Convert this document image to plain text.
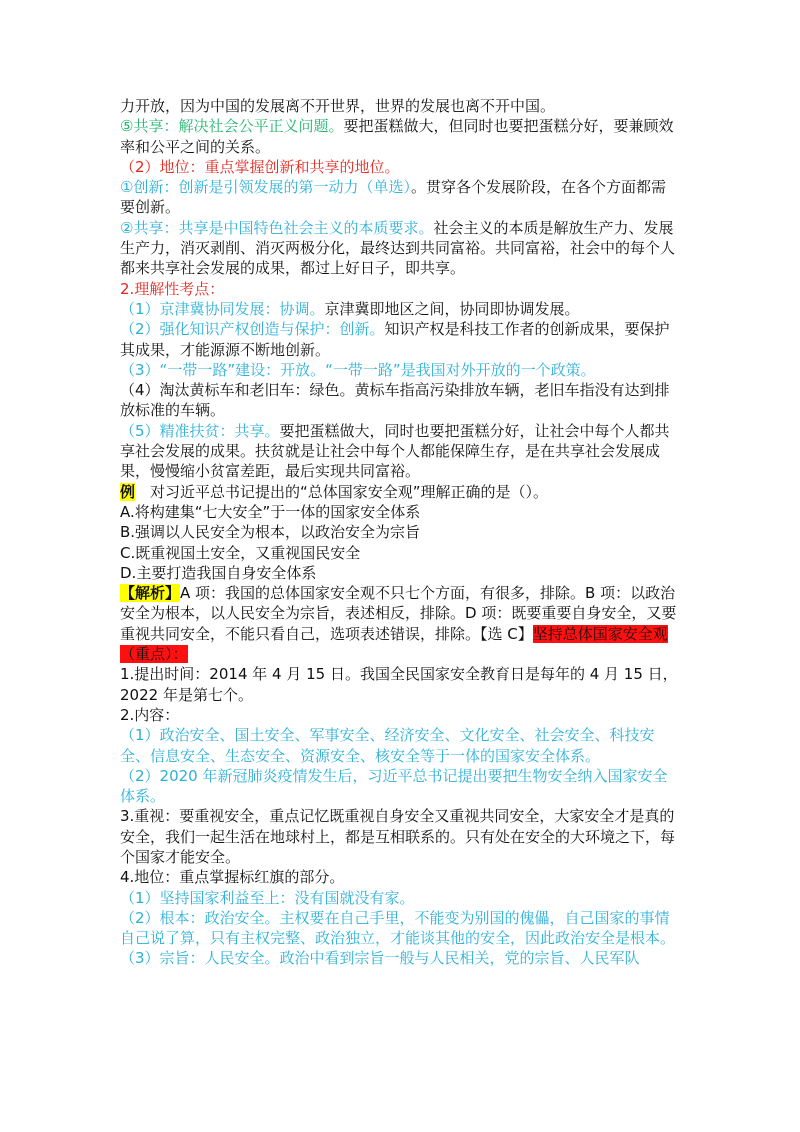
力开放，因为中国的发展离不开世界，世界的发展也离不开中国。

⑤共享：解决社会公平正义问题。要把蛋糕做大，但同时也要把蛋糕分好，要兼顾效率和公平之间的关系。

（2）地位：重点掌握创新和共享的地位。

①创新：创新是引领发展的第一动力（单选）。贯穿各个发展阶段，在各个方面都需要创新。

②共享：共享是中国特色社会主义的本质要求。社会主义的本质是解放生产力、发展生产力，消灭剥削、消灭两极分化，最终达到共同富裕。共同富裕，社会中的每个人都来共享社会发展的成果，都过上好日子，即共享。

2.理解性考点：

（1）京津冀协同发展：协调。京津冀即地区之间，协同即协调发展。

（2）强化知识产权创造与保护：创新。知识产权是科技工作者的创新成果，要保护其成果，才能源源不断地创新。

（3）“一带一路”建设：开放。“一带一路”是我国对外开放的一个政策。

（4）淘汰黄标车和老旧车：绿色。黄标车指高污染排放车辆，老旧车指没有达到排放标准的车辆。

（5）精准扶贫：共享。要把蛋糕做大，同时也要把蛋糕分好，让社会中每个人都共享社会发展的成果。扶贫就是让社会中每个人都能保障生存，是在共享社会发展成果，慢慢缩小贫富差距，最后实现共同富裕。

例　对习近平总书记提出的“总体国家安全观”理解正确的是（）。

A.将构建集“七大安全”于一体的国家安全体系

B.强调以人民安全为根本，以政治安全为宗旨

C.既重视国土安全，又重视国民安全

D.主要打造我国自身安全体系

【解析】A 项：我国的总体国家安全观不只七个方面，有很多，排除。B 项：以政治安全为根本，以人民安全为宗旨，表述相反，排除。D 项：既要重要自身安全，又要重视共同安全，不能只看自己，选项表述错误，排除。【选 C】坚持总体国家安全观（重点）：

1.提出时间：2014 年 4 月 15 日。我国全民国家安全教育日是每年的 4 月 15 日，2022 年是第七个。

2.内容：

（1）政治安全、国土安全、军事安全、经济安全、文化安全、社会安全、科技安全、信息安全、生态安全、资源安全、核安全等于一体的国家安全体系。

（2）2020 年新冠肺炎疫情发生后，习近平总书记提出要把生物安全纳入国家安全体系。

3.重视：要重视安全，重点记忆既重视自身安全又重视共同安全，大家安全才是真的安全，我们一起生活在地球村上，都是互相联系的。只有处在安全的大环境之下，每个国家才能安全。

4.地位：重点掌握标红旗的部分。

（1）坚持国家利益至上：没有国就没有家。

（2）根本：政治安全。主权要在自己手里，不能变为别国的傀儡，自己国家的事情自己说了算，只有主权完整、政治独立，才能谈其他的安全，因此政治安全是根本。

（3）宗旨：人民安全。政治中看到宗旨一般与人民相关，党的宗旨、人民军队
